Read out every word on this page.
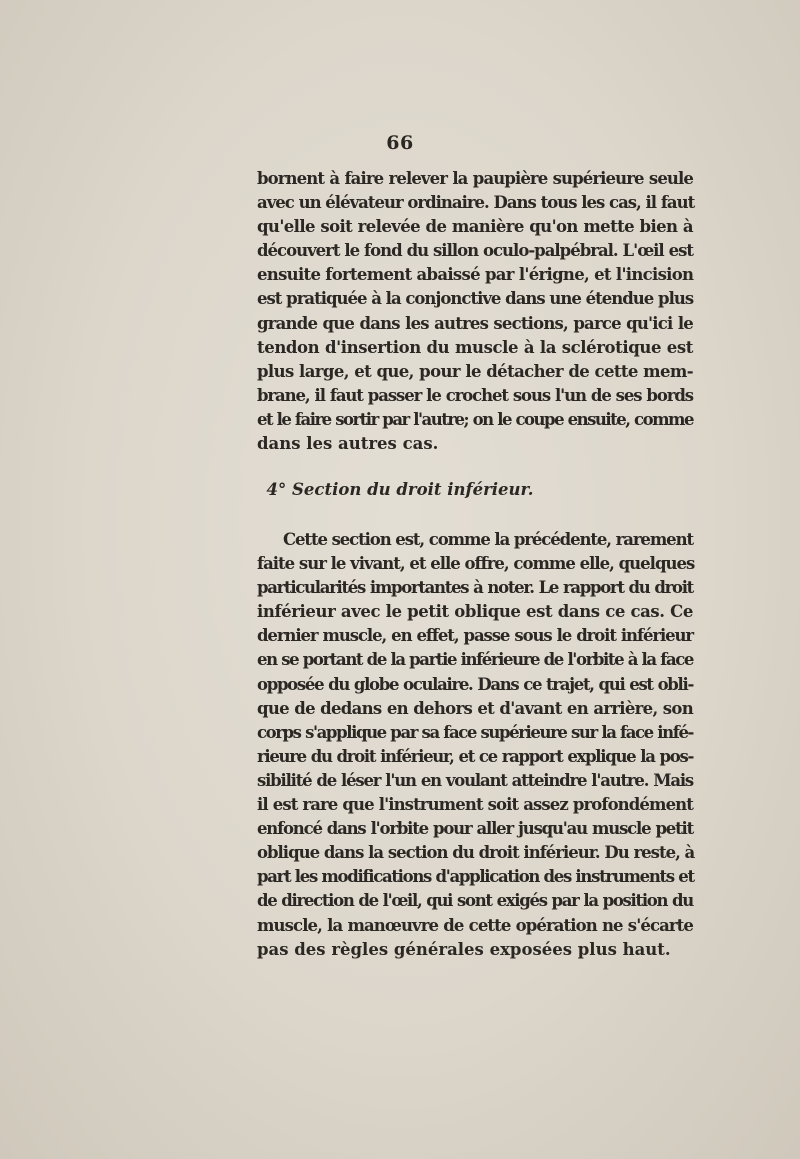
66
bornent à faire relever la paupière supérieure seule
avec un élévateur ordinaire. Dans tous les cas, il faut
qu'elle soit relevée de manière qu'on mette bien à
découvert le fond du sillon oculo-palpébral. L'œil est
ensuite fortement abaissé par l'érigne, et l'incision
est pratiquée à la conjonctive dans une étendue plus
grande que dans les autres sections, parce qu'ici le
tendon d'insertion du muscle à la sclérotique est
plus large, et que, pour le détacher de cette mem-
brane, il faut passer le crochet sous l'un de ses bords
et le faire sortir par l'autre; on le coupe ensuite, comme
dans les autres cas.
4° Section du droit inférieur.
Cette section est, comme la précédente, rarement
faite sur le vivant, et elle offre, comme elle, quelques
particularités importantes à noter. Le rapport du droit
inférieur avec le petit oblique est dans ce cas. Ce
dernier muscle, en effet, passe sous le droit inférieur
en se portant de la partie inférieure de l'orbite à la face
opposée du globe oculaire. Dans ce trajet, qui est obli-
que de dedans en dehors et d'avant en arrière, son
corps s'applique par sa face supérieure sur la face infé-
rieure du droit inférieur, et ce rapport explique la pos-
sibilité de léser l'un en voulant atteindre l'autre. Mais
il est rare que l'instrument soit assez profondément
enfoncé dans l'orbite pour aller jusqu'au muscle petit
oblique dans la section du droit inférieur. Du reste, à
part les modifications d'application des instruments et
de direction de l'œil, qui sont exigés par la position du
muscle, la manœuvre de cette opération ne s'écarte
pas des règles générales exposées plus haut.
